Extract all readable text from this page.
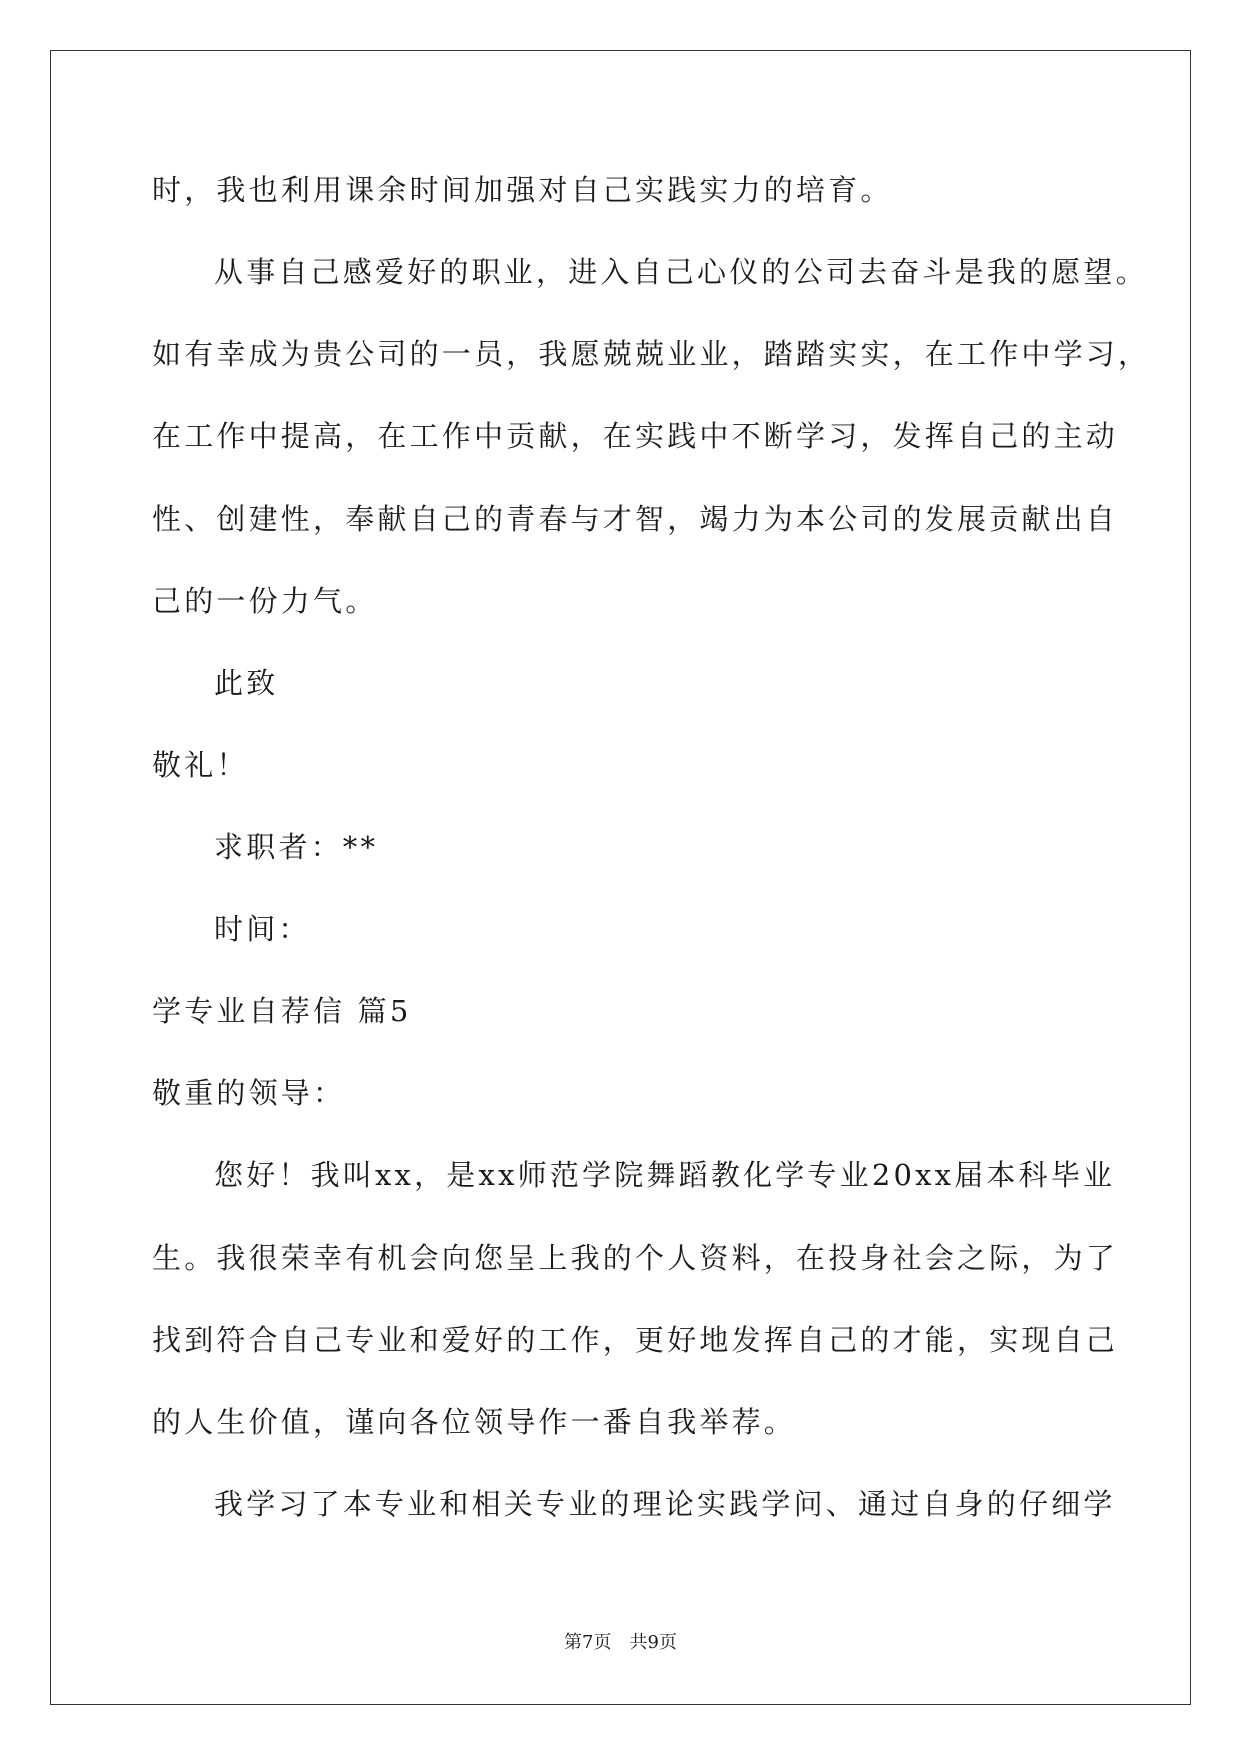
时，我也利用课余时间加强对自己实践实力的培育。
从事自己感爱好的职业，进入自己心仪的公司去奋斗是我的愿望。
如有幸成为贵公司的一员，我愿兢兢业业，踏踏实实，在工作中学习，
在工作中提高，在工作中贡献，在实践中不断学习，发挥自己的主动
性、创建性，奉献自己的青春与才智，竭力为本公司的发展贡献出自
己的一份力气。
此致
敬礼！
求职者：**
时间：
学专业自荐信 篇5
敬重的领导：
您好！我叫xx，是xx师范学院舞蹈教化学专业20xx届本科毕业
生。我很荣幸有机会向您呈上我的个人资料，在投身社会之际，为了
找到符合自己专业和爱好的工作，更好地发挥自己的才能，实现自己
的人生价值，谨向各位领导作一番自我举荐。
我学习了本专业和相关专业的理论实践学问、通过自身的仔细学
第7页 共9页
